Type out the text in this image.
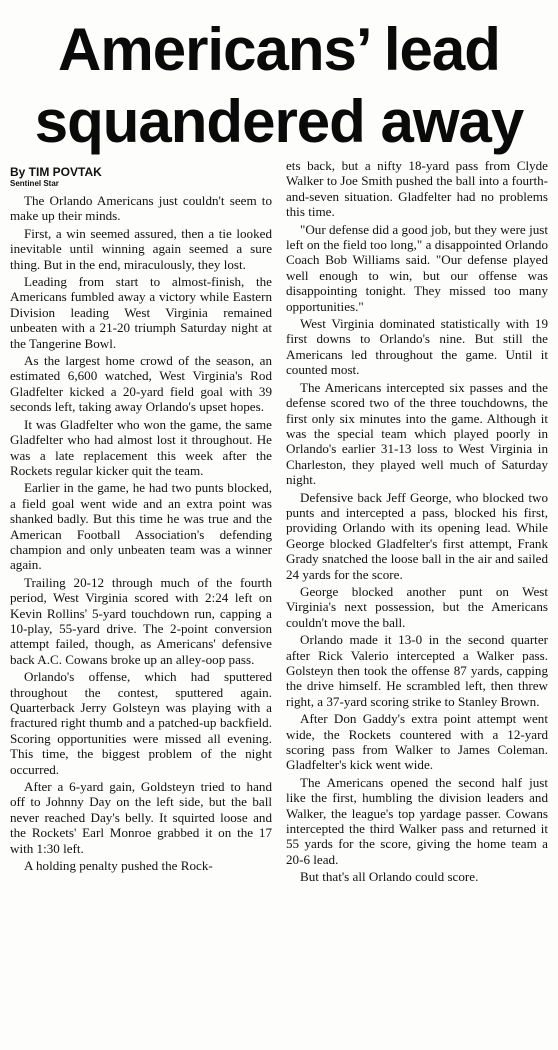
Americans’ lead
squandered away
By TIM POVTAK
Sentinel Star

The Orlando Americans just couldn't seem to make up their minds.

First, a win seemed assured, then a tie looked inevitable until winning again seemed a sure thing. But in the end, miraculously, they lost.

Leading from start to almost-finish, the Americans fumbled away a victory while Eastern Division leading West Virginia remained unbeaten with a 21-20 triumph Saturday night at the Tangerine Bowl.

As the largest home crowd of the season, an estimated 6,600 watched, West Virginia's Rod Gladfelter kicked a 20-yard field goal with 39 seconds left, taking away Orlando's upset hopes.

It was Gladfelter who won the game, the same Gladfelter who had almost lost it throughout. He was a late replacement this week after the Rockets regular kicker quit the team.

Earlier in the game, he had two punts blocked, a field goal went wide and an extra point was shanked badly. But this time he was true and the American Football Association's defending champion and only unbeaten team was a winner again.

Trailing 20-12 through much of the fourth period, West Virginia scored with 2:24 left on Kevin Rollins' 5-yard touchdown run, capping a 10-play, 55-yard drive. The 2-point conversion attempt failed, though, as Americans' defensive back A.C. Cowans broke up an alley-oop pass.

Orlando's offense, which had sputtered throughout the contest, sputtered again. Quarterback Jerry Golsteyn was playing with a fractured right thumb and a patched-up backfield. Scoring opportunities were missed all evening. This time, the biggest problem of the night occurred.

After a 6-yard gain, Goldsteyn tried to hand off to Johnny Day on the left side, but the ball never reached Day's belly. It squirted loose and the Rockets' Earl Monroe grabbed it on the 17 with 1:30 left.

A holding penalty pushed the Rock-

ets back, but a nifty 18-yard pass from Clyde Walker to Joe Smith pushed the ball into a fourth-and-seven situation. Gladfelter had no problems this time.

"Our defense did a good job, but they were just left on the field too long," a disappointed Orlando Coach Bob Williams said. "Our defense played well enough to win, but our offense was disappointing tonight. They missed too many opportunities."

West Virginia dominated statistically with 19 first downs to Orlando's nine. But still the Americans led throughout the game. Until it counted most.

The Americans intercepted six passes and the defense scored two of the three touchdowns, the first only six minutes into the game. Although it was the special team which played poorly in Orlando's earlier 31-13 loss to West Virginia in Charleston, they played well much of Saturday night.

Defensive back Jeff George, who blocked two punts and intercepted a pass, blocked his first, providing Orlando with its opening lead. While George blocked Gladfelter's first attempt, Frank Grady snatched the loose ball in the air and sailed 24 yards for the score.

George blocked another punt on West Virginia's next possession, but the Americans couldn't move the ball.

Orlando made it 13-0 in the second quarter after Rick Valerio intercepted a Walker pass. Golsteyn then took the offense 87 yards, capping the drive himself. He scrambled left, then threw right, a 37-yard scoring strike to Stanley Brown.

After Don Gaddy's extra point attempt went wide, the Rockets countered with a 12-yard scoring pass from Walker to James Coleman. Gladfelter's kick went wide.

The Americans opened the second half just like the first, humbling the division leaders and Walker, the league's top yardage passer. Cowans intercepted the third Walker pass and returned it 55 yards for the score, giving the home team a 20-6 lead.

But that's all Orlando could score.
